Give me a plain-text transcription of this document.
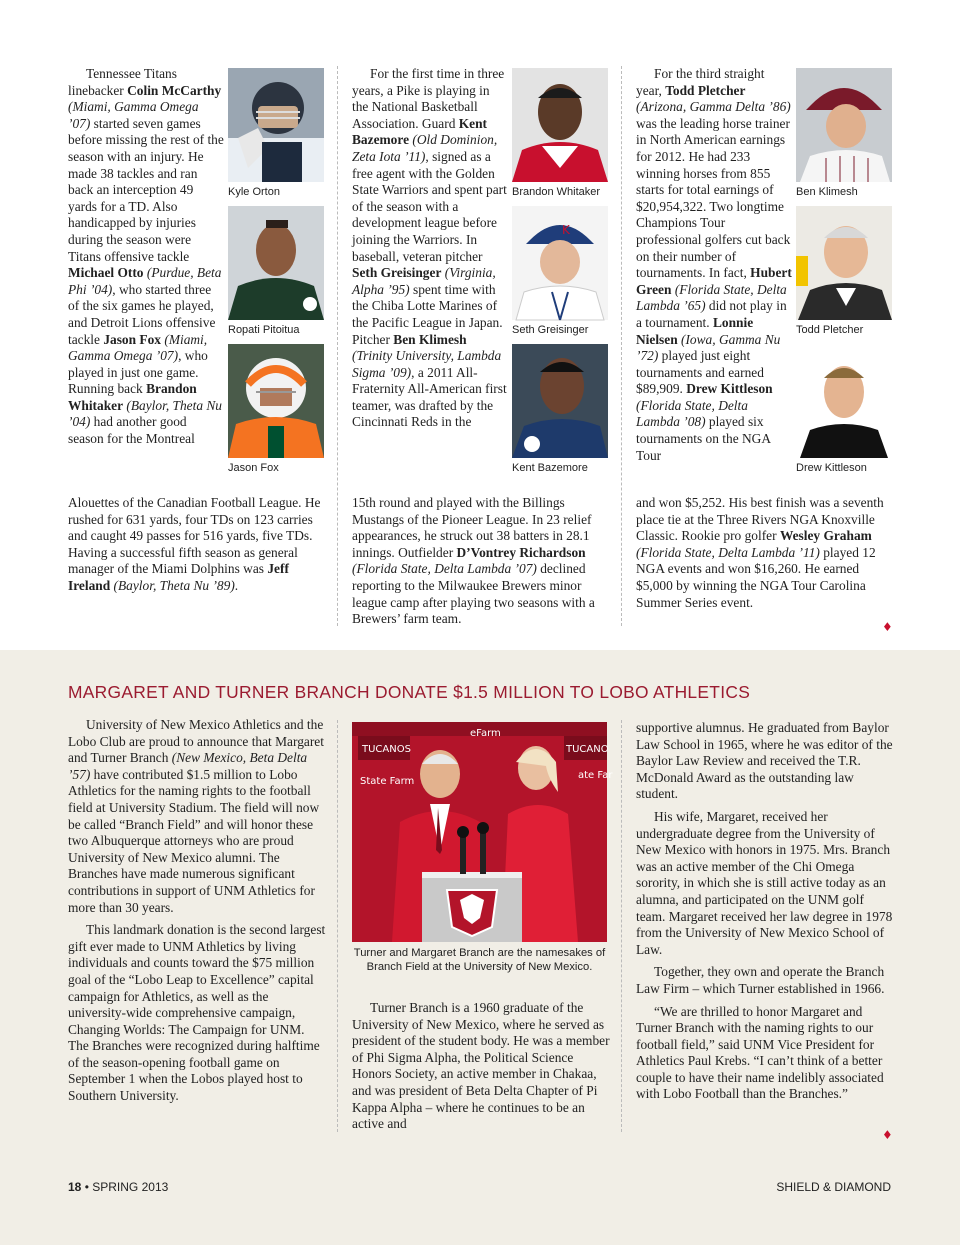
Tennessee Titans linebacker Colin McCarthy (Miami, Gamma Omega ’07) started seven games before missing the rest of the season with an injury. He made 38 tackles and ran back an interception 49 yards for a TD. Also handicapped by injuries during the season were Titans offensive tackle Michael Otto (Purdue, Beta Phi ’04), who started three of the six games he played, and Detroit Lions offensive tackle Jason Fox (Miami, Gamma Omega ’07), who played in just one game. Running back Brandon Whitaker (Baylor, Theta Nu ’04) had another good season for the Montreal

Alouettes of the Canadian Football League. He rushed for 631 yards, four TDs on 123 carries and caught 49 passes for 516 yards, five TDs. Having a successful fifth season as general manager of the Miami Dolphins was Jeff Ireland (Baylor, Theta Nu ’89).

Kyle Orton
Ropati Pitoitua
Jason Fox

For the first time in three years, a Pike is playing in the National Basketball Association. Guard Kent Bazemore (Old Dominion, Zeta Iota ’11), signed as a free agent with the Golden State Warriors and spent part of the season with a development league before joining the Warriors. In baseball, veteran pitcher Seth Greisinger (Virginia, Alpha ’95) spent time with the Chiba Lotte Marines of the Pacific League in Japan. Pitcher Ben Klimesh (Trinity University, Lambda Sigma ’09), a 2011 All-Fraternity All-American first teamer, was drafted by the Cincinnati Reds in the

15th round and played with the Billings Mustangs of the Pioneer League. In 23 relief appearances, he struck out 38 batters in 28.1 innings. Outfielder D’Vontrey Richardson (Florida State, Delta Lambda ’07) declined reporting to the Milwaukee Brewers minor league camp after playing two seasons with a Brewers’ farm team.

Brandon Whitaker
K
Seth Greisinger
Kent Bazemore

For the third straight year, Todd Pletcher (Arizona, Gamma Delta ’86) was the leading horse trainer in North American earnings for 2012. He had 233 winning horses from 855 starts for total earnings of $20,954,322. Two longtime Champions Tour professional golfers cut back on their number of tournaments. In fact, Hubert Green (Florida State, Delta Lambda ’65) did not play in a tournament. Lonnie Nielsen (Iowa, Gamma Nu ’72) played just eight tournaments and earned $89,909. Drew Kittleson (Florida State, Delta Lambda ’08) played six tournaments on the NGA Tour

and won $5,252. His best finish was a seventh place tie at the Three Rivers NGA Knoxville Classic. Rookie pro golfer Wesley Graham (Florida State, Delta Lambda ’11) played 12 NGA events and won $16,260. He earned $5,000 by winning the NGA Tour Carolina Summer Series event.

Ben Klimesh
Todd Pletcher
Drew Kittleson
♦
MARGARET AND TURNER BRANCH DONATE $1.5 MILLION TO LOBO ATHLETICS

University of New Mexico Athletics and the Lobo Club are proud to announce that Margaret and Turner Branch (New Mexico, Beta Delta ’57) have contributed $1.5 million to Lobo Athletics for the naming rights to the football field at University Stadium. The field will now be called “Branch Field” and will honor these two Albuquerque attorneys who are proud University of New Mexico alumni. The Branches have made numerous significant contributions in support of UNM Athletics for more than 30 years.

This landmark donation is the second largest gift ever made to UNM Athletics by living individuals and counts toward the $75 million goal of the “Lobo Leap to Excellence” capital campaign for Athletics, as well as the university-wide comprehensive campaign, Changing Worlds: The Campaign for UNM. The Branches were recognized during halftime of the season-opening football game on September 1 when the Lobos played host to Southern University.

TUCANOS	TUCANO
State Farm
eFarm
ate Far
Turner and Margaret Branch are the namesakes of Branch Field at the University of New Mexico.

Turner Branch is a 1960 graduate of the University of New Mexico, where he served as president of the student body. He was a member of Phi Sigma Alpha, the Political Science Honors Society, an active member in Chakaa, and was president of Beta Delta Chapter of Pi Kappa Alpha – where he continues to be an active and

supportive alumnus. He graduated from Baylor Law School in 1965, where he was editor of the Baylor Law Review and received the T.R. McDonald Award as the outstanding law student.

His wife, Margaret, received her undergraduate degree from the University of New Mexico with honors in 1975. Mrs. Branch was an active member of the Chi Omega sorority, in which she is still active today as an alumna, and participated on the UNM golf team. Margaret received her law degree in 1978 from the University of New Mexico School of Law.

Together, they own and operate the Branch Law Firm – which Turner established in 1966.

“We are thrilled to honor Margaret and Turner Branch with the naming rights to our football field,” said UNM Vice President for Athletics Paul Krebs. “I can’t think of a better couple to have their name indelibly associated with Lobo Football than the Branches.”

♦
18 • SPRING 2013	SHIELD & DIAMOND
